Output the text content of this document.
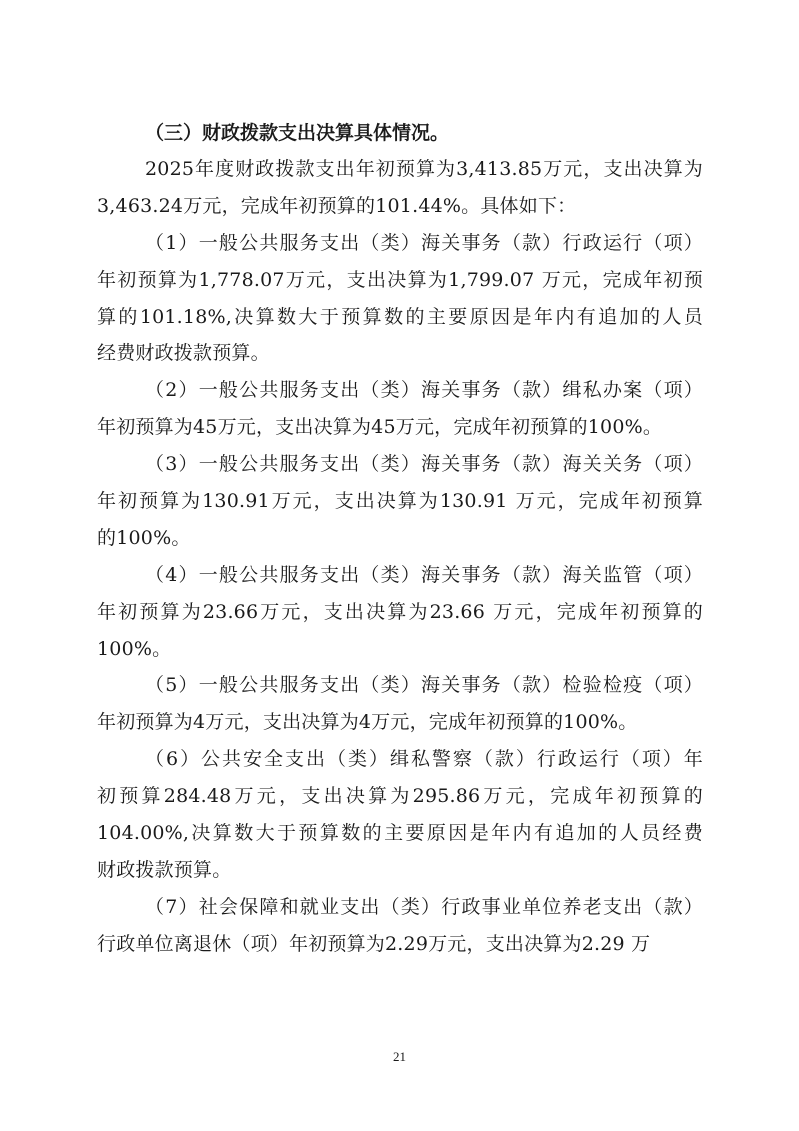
（三）财政拨款支出决算具体情况。
2025年度财政拨款支出年初预算为3,413.85万元，支出决算为
3,463.24万元，完成年初预算的101.44%。具体如下：
（1）一般公共服务支出（类）海关事务（款）行政运行（项）
年初预算为1,778.07万元，支出决算为1,799.07 万元，完成年初预
算的101.18%,决算数大于预算数的主要原因是年内有追加的人员
经费财政拨款预算。
（2）一般公共服务支出（类）海关事务（款）缉私办案（项）
年初预算为45万元，支出决算为45万元，完成年初预算的100%。
（3）一般公共服务支出（类）海关事务（款）海关关务（项）
年初预算为130.91万元，支出决算为130.91 万元，完成年初预算
的100%。
（4）一般公共服务支出（类）海关事务（款）海关监管（项）
年初预算为23.66万元，支出决算为23.66 万元，完成年初预算的
100%。
（5）一般公共服务支出（类）海关事务（款）检验检疫（项）
年初预算为4万元，支出决算为4万元，完成年初预算的100%。
（6）公共安全支出（类）缉私警察（款）行政运行（项）年
初预算284.48万元，支出决算为295.86万元，完成年初预算的
104.00%,决算数大于预算数的主要原因是年内有追加的人员经费
财政拨款预算。
（7）社会保障和就业支出（类）行政事业单位养老支出（款）
行政单位离退休（项）年初预算为2.29万元，支出决算为2.29 万
21
